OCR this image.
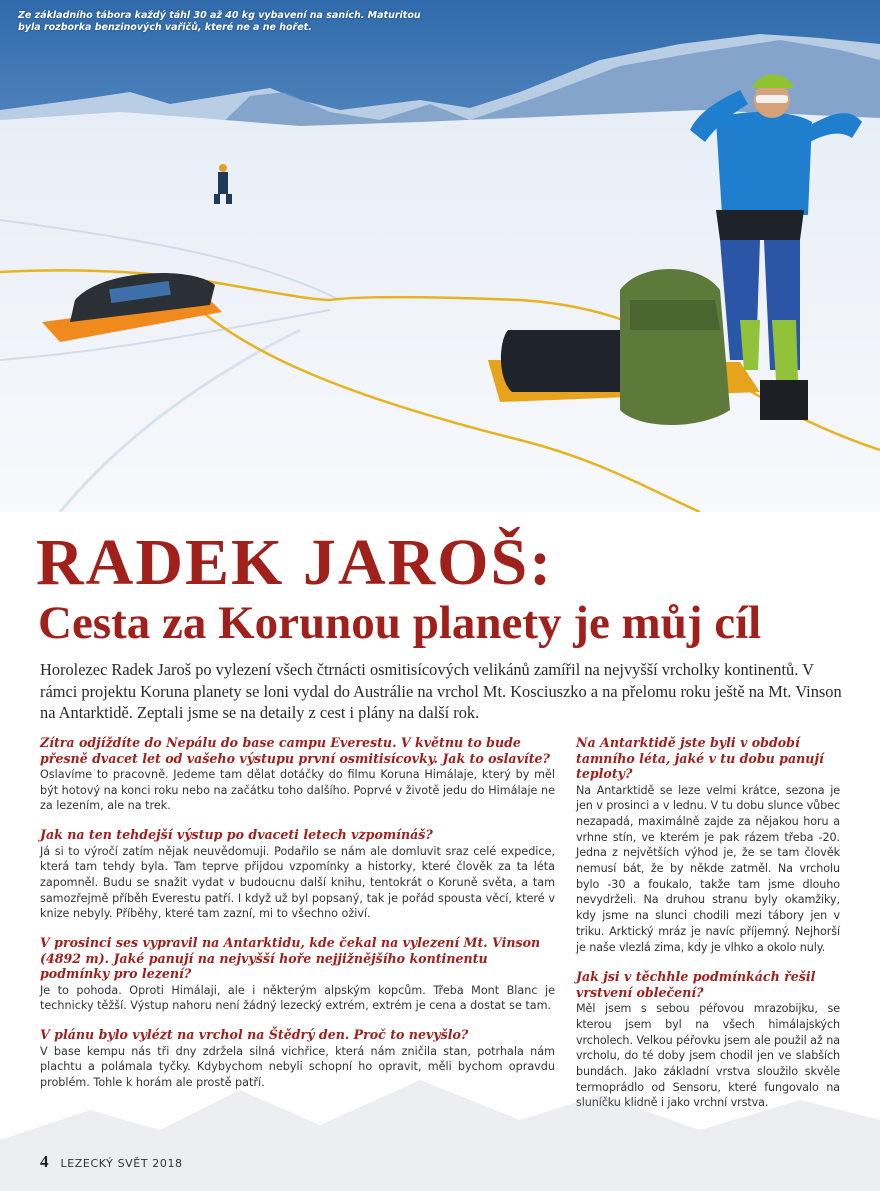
Ze základního tábora každý táhl 30 až 40 kg vybavení na saních. Maturitou byla rozborka benzinových vařičů, které ne a ne hořet.
RADEK JAROŠ:
Cesta za Korunou planety je můj cíl

Horolezec Radek Jaroš po vylezení všech čtrnácti osmitisícových velikánů zamířil na nejvyšší vrcholky kontinentů. V rámci projektu Koruna planety se loni vydal do Austrálie na vrchol Mt. Kosciuszko a na přelomu roku ještě na Mt. Vinson na Antarktidě. Zeptali jsme se na detaily z cest i plány na další rok.

Zítra odjíždíte do Nepálu do base campu Everestu. V květnu to bude přesně dvacet let od vašeho výstupu první osmitisícovky. Jak to oslavíte?

Oslavíme to pracovně. Jedeme tam dělat dotáčky do filmu Koruna Himálaje, který by měl být hotový na konci roku nebo na začátku toho dalšího. Poprvé v životě jedu do Himálaje ne za lezením, ale na trek.

Jak na ten tehdejší výstup po dvaceti letech vzpomínáš?

Já si to výročí zatím nějak neuvědomuji. Podařilo se nám ale domluvit sraz celé expedice, která tam tehdy byla. Tam teprve přijdou vzpomínky a historky, které člověk za ta léta zapomněl. Budu se snažit vydat v budoucnu další knihu, tentokrát o Koruně světa, a tam samozřejmě příběh Everestu patří. I když už byl popsaný, tak je pořád spousta věcí, které v knize nebyly. Příběhy, které tam zazní, mi to všechno oživí.

V prosinci ses vypravil na Antarktidu, kde čekal na vylezení Mt. Vinson (4892 m). Jaké panují na nejvyšší hoře nejjižnějšího kontinentu podmínky pro lezení?

Je to pohoda. Oproti Himálaji, ale i některým alpským kopcům. Třeba Mont Blanc je technicky těžší. Výstup nahoru není žádný lezecký extrém, extrém je cena a dostat se tam.

V plánu bylo vylézt na vrchol na Štědrý den. Proč to nevyšlo?

V base kempu nás tři dny zdržela silná vichřice, která nám zničila stan, potrhala nám plachtu a polámala tyčky. Kdybychom nebyli schopní ho opravit, měli bychom opravdu problém. Tohle k horám ale prostě patří.

Na Antarktidě jste byli v období tamního léta, jaké v tu dobu panují teploty?

Na Antarktidě se leze velmi krátce, sezona je jen v prosinci a v lednu. V tu dobu slunce vůbec nezapadá, maximálně zajde za nějakou horu a vrhne stín, ve kterém je pak rázem třeba -20. Jedna z největších výhod je, že se tam člověk nemusí bát, že by někde zatměl. Na vrcholu bylo -30 a foukalo, takže tam jsme dlouho nevydrželi. Na druhou stranu byly okamžiky, kdy jsme na slunci chodili mezi tábory jen v triku. Arktický mráz je navíc příjemný. Nejhorší je naše vlezlá zima, kdy je vlhko a okolo nuly.

Jak jsi v těchhle podmínkách řešil vrstvení oblečení?

Měl jsem s sebou péřovou mrazobijku, se kterou jsem byl na všech himálajských vrcholech. Velkou péřovku jsem ale použil až na vrcholu, do té doby jsem chodil jen ve slabších bundách. Jako základní vrstva sloužilo skvěle termoprádlo od Sensoru, které fungovalo na sluníčku klidně i jako vrchní vrstva.

4 LEZECKÝ SVĚT 2018
